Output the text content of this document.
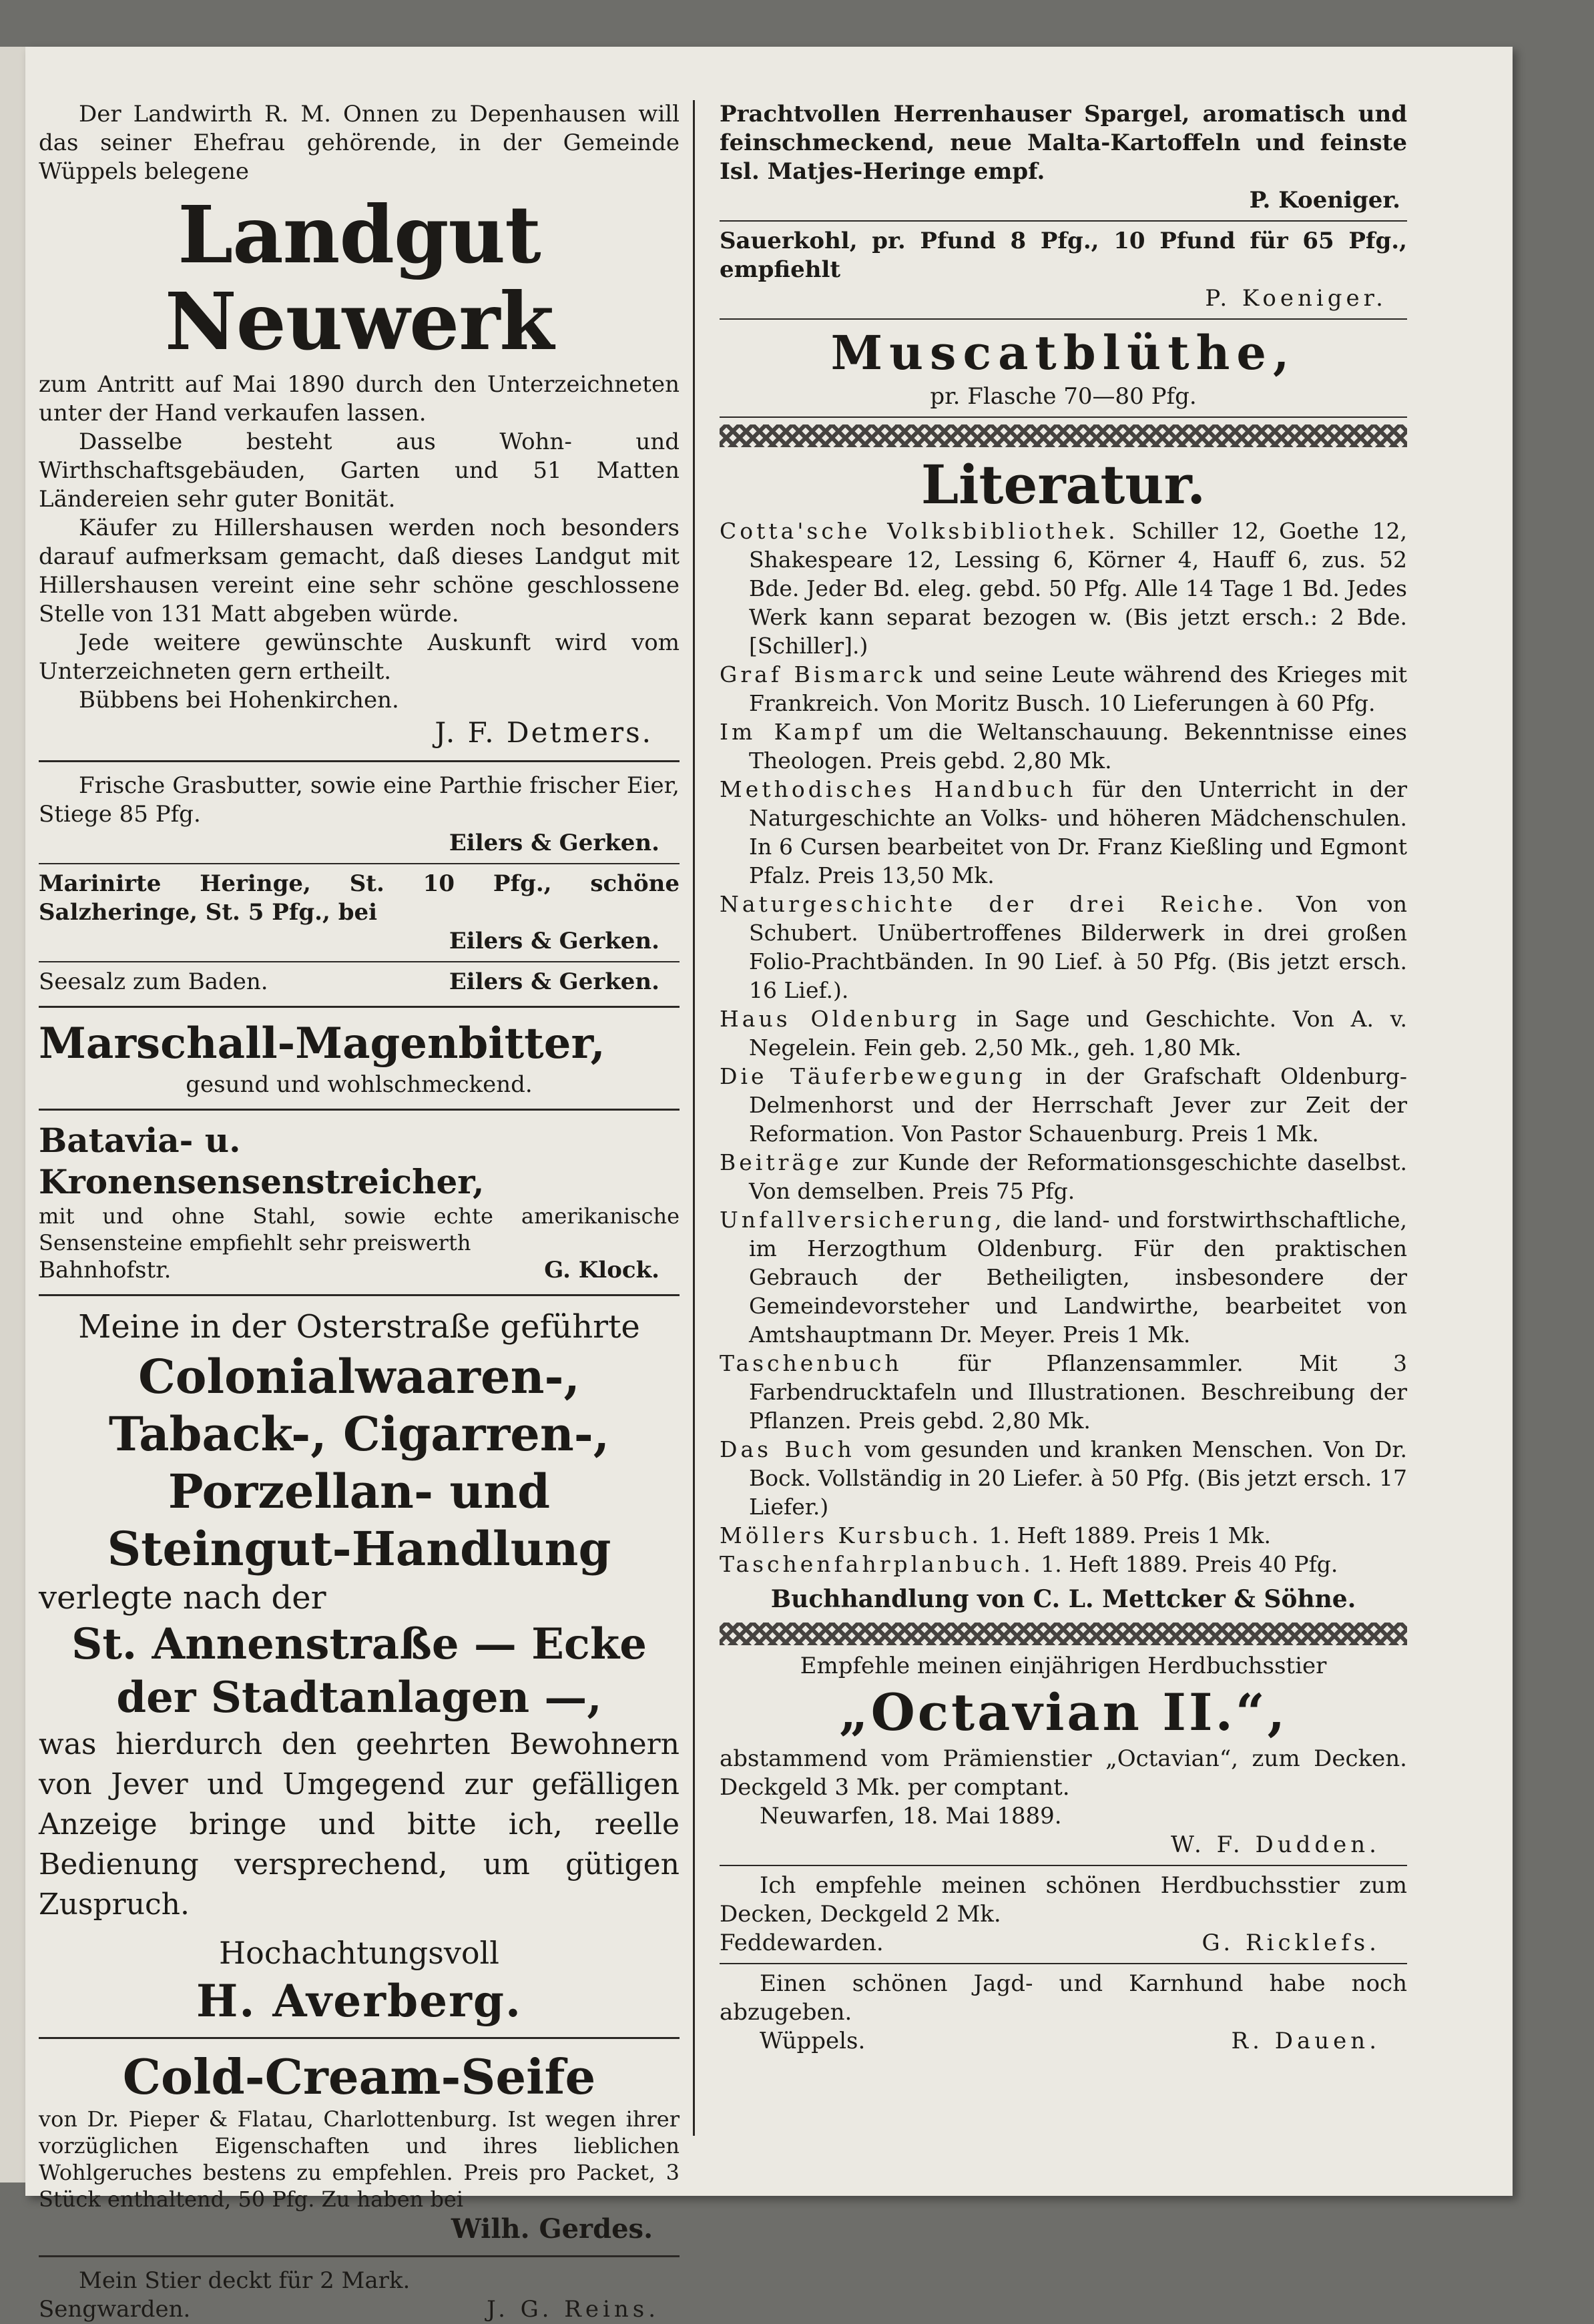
Der Landwirth R. M. Onnen zu Depenhausen will das seiner Ehefrau gehörende, in der Gemeinde Wüppels belegene

Landgut Neuwerk

zum Antritt auf Mai 1890 durch den Unterzeichneten unter der Hand verkaufen lassen.

Dasselbe besteht aus Wohn- und Wirthschaftsgebäuden, Garten und 51 Matten Ländereien sehr guter Bonität.

Käufer zu Hillershausen werden noch besonders darauf aufmerksam gemacht, daß dieses Landgut mit Hillershausen vereint eine sehr schöne geschlossene Stelle von 131 Matt abgeben würde.

Jede weitere gewünschte Auskunft wird vom Unterzeichneten gern ertheilt.

Bübbens bei Hohenkirchen.

J. F. Detmers.

Frische Grasbutter, sowie eine Parthie frischer Eier, Stiege 85 Pfg.

Eilers & Gerken.

Marinirte Heringe, St. 10 Pfg., schöne Salzheringe, St. 5 Pfg., bei

Eilers & Gerken.
Seesalz zum Baden.	Eilers & Gerken.
Marschall-Magenbitter,
gesund und wohlschmeckend.
Batavia- u. Kronensensenstreicher,

mit und ohne Stahl, sowie echte amerikanische Sensensteine empfiehlt sehr preiswerth

Bahnhofstr.	G. Klock.
Meine in der Osterstraße geführte
Colonialwaaren-, Taback-, Cigarren-, Porzellan- und Steingut-Handlung
verlegte nach der
St. Annenstraße — Ecke der Stadtanlagen —,

was hierdurch den geehrten Bewohnern von Jever und Umgegend zur gefälligen Anzeige bringe und bitte ich, reelle Bedienung versprechend, um gütigen Zuspruch.

Hochachtungsvoll
H. Averberg.
Cold-Cream-Seife

von Dr. Pieper & Flatau, Charlottenburg. Ist wegen ihrer vorzüglichen Eigenschaften und ihres lieblichen Wohlgeruches bestens zu empfehlen. Preis pro Packet, 3 Stück enthaltend, 50 Pfg. Zu haben bei

Wilh. Gerdes.

Mein Stier deckt für 2 Mark.

Sengwarden.	J. G. Reins.

Prachtvollen Herrenhauser Spargel, aromatisch und feinschmeckend, neue Malta-Kartoffeln und feinste Isl. Matjes-Heringe empf.

P. Koeniger.

Sauerkohl, pr. Pfund 8 Pfg., 10 Pfund für 65 Pfg., empfiehlt

P. Koeniger.
Muscatblüthe,
pr. Flasche 70—80 Pfg.
Literatur.

Cotta'sche Volksbibliothek. Schiller 12, Goethe 12, Shakespeare 12, Lessing 6, Körner 4, Hauff 6, zus. 52 Bde. Jeder Bd. eleg. gebd. 50 Pfg. Alle 14 Tage 1 Bd. Jedes Werk kann separat bezogen w. (Bis jetzt ersch.: 2 Bde. [Schiller].)

Graf Bismarck und seine Leute während des Krieges mit Frankreich. Von Moritz Busch. 10 Lieferungen à 60 Pfg.

Im Kampf um die Weltanschauung. Bekenntnisse eines Theologen. Preis gebd. 2,80 Mk.

Methodisches Handbuch für den Unterricht in der Naturgeschichte an Volks- und höheren Mädchenschulen. In 6 Cursen bearbeitet von Dr. Franz Kießling und Egmont Pfalz. Preis 13,50 Mk.

Naturgeschichte der drei Reiche. Von von Schubert. Unübertroffenes Bilderwerk in drei großen Folio-Prachtbänden. In 90 Lief. à 50 Pfg. (Bis jetzt ersch. 16 Lief.).

Haus Oldenburg in Sage und Geschichte. Von A. v. Negelein. Fein geb. 2,50 Mk., geh. 1,80 Mk.

Die Täuferbewegung in der Grafschaft Oldenburg-Delmenhorst und der Herrschaft Jever zur Zeit der Reformation. Von Pastor Schauenburg. Preis 1 Mk.

Beiträge zur Kunde der Reformationsgeschichte daselbst. Von demselben. Preis 75 Pfg.

Unfallversicherung, die land- und forstwirthschaftliche, im Herzogthum Oldenburg. Für den praktischen Gebrauch der Betheiligten, insbesondere der Gemeindevorsteher und Landwirthe, bearbeitet von Amtshauptmann Dr. Meyer. Preis 1 Mk.

Taschenbuch für Pflanzensammler. Mit 3 Farbendrucktafeln und Illustrationen. Beschreibung der Pflanzen. Preis gebd. 2,80 Mk.

Das Buch vom gesunden und kranken Menschen. Von Dr. Bock. Vollständig in 20 Liefer. à 50 Pfg. (Bis jetzt ersch. 17 Liefer.)

Möllers Kursbuch. 1. Heft 1889. Preis 1 Mk.

Taschenfahrplanbuch. 1. Heft 1889. Preis 40 Pfg.

Buchhandlung von C. L. Mettcker & Söhne.
Empfehle meinen einjährigen Herdbuchsstier
„Octavian II.“,

abstammend vom Prämienstier „Octavian“, zum Decken. Deckgeld 3 Mk. per comptant.

Neuwarfen, 18. Mai 1889.

W. F. Dudden.

Ich empfehle meinen schönen Herdbuchsstier zum Decken, Deckgeld 2 Mk.

Feddewarden.	G. Ricklefs.

Einen schönen Jagd- und Karnhund habe noch abzugeben.

Wüppels.	R. Dauen.
